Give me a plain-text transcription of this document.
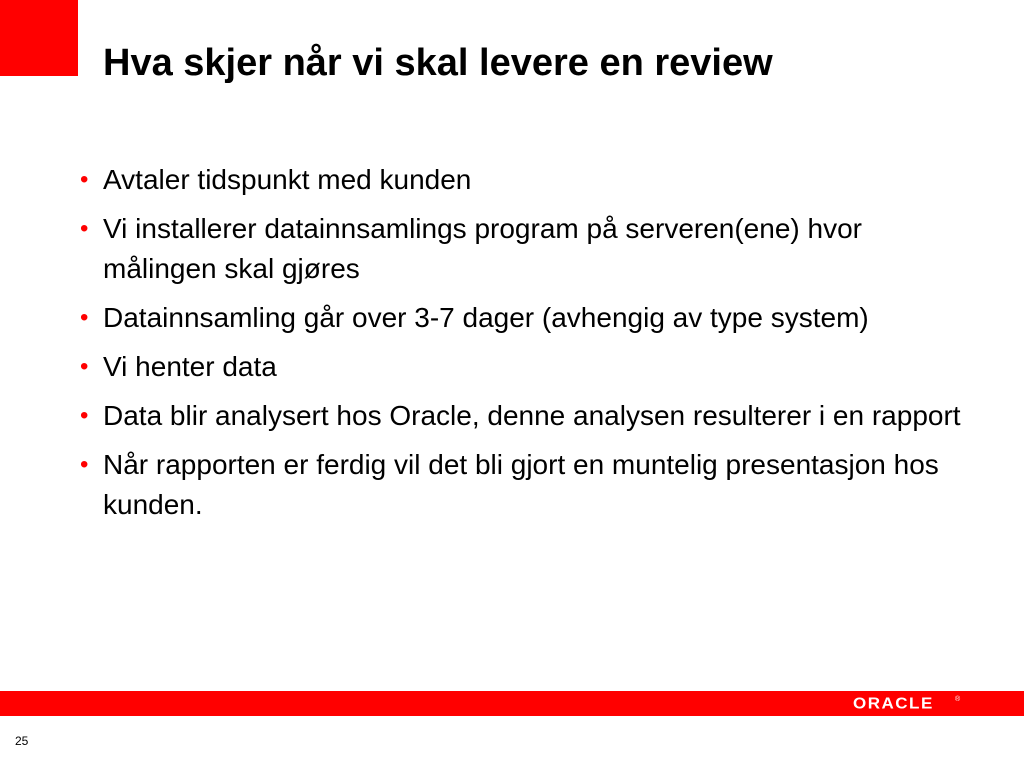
Hva skjer når vi skal levere en review
• Avtaler tidspunkt med kunden
• Vi installerer datainnsamlings program på serveren(ene) hvor målingen skal gjøres
• Datainnsamling går over 3-7 dager (avhengig av type system)
• Vi henter data
• Data blir analysert hos Oracle, denne analysen resulterer i en rapport
• Når rapporten er ferdig vil det bli gjort en muntelig presentasjon hos kunden.
ORACLE	®
25
